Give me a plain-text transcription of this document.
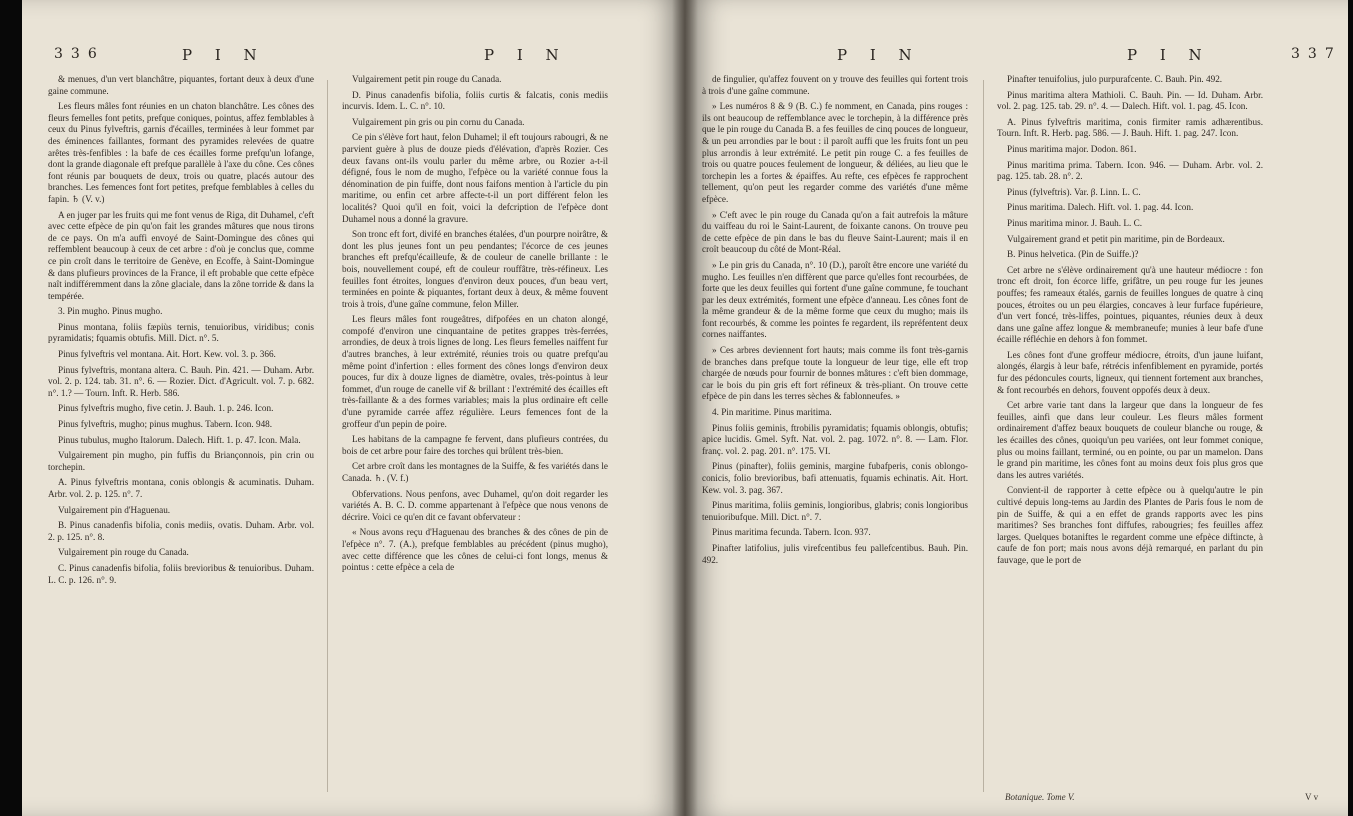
336	P I N	P I N

& menues, d'un vert blanchâtre, piquantes, fortant deux à deux d'une gaine commune.

Les fleurs mâles font réunies en un chaton blanchâtre. Les cônes des fleurs femelles font petits, prefque coniques, pointus, affez femblables à ceux du Pinus fylveftris, garnis d'écailles, terminées à leur fommet par des éminences faillantes, formant des pyramides relevées de quatre arêtes très-fenfibles : la bafe de ces écailles forme prefqu'un lofange, dont la grande diagonale eft prefque parallèle à l'axe du cône. Ces cônes font réunis par bouquets de deux, trois ou quatre, placés autour des branches. Les femences font fort petites, prefque femblables à celles du fapin. ♄ (V. v.)

A en juger par les fruits qui me font venus de Riga, dit Duhamel, c'eft avec cette efpèce de pin qu'on fait les grandes mâtures que nous tirons de ce pays. On m'a auffi envoyé de Saint-Domingue des cônes qui reffemblent beaucoup à ceux de cet arbre : d'où je conclus que, comme ce pin croît dans le territoire de Genève, en Ecoffe, à Saint-Domingue & dans plufieurs provinces de la France, il eft probable que cette efpèce naît indifféremment dans la zône glaciale, dans la zône torride & dans la tempérée.

3. Pin mugho. Pinus mugho.

Pinus montana, foliis fæpiùs ternis, tenuioribus, viridibus; conis pyramidatis; fquamis obtufis. Mill. Dict. n°. 5.

Pinus fylveftris vel montana. Ait. Hort. Kew. vol. 3. p. 366.

Pinus fylveftris, montana altera. C. Bauh. Pin. 421. — Duham. Arbr. vol. 2. p. 124. tab. 31. n°. 6. — Rozier. Dict. d'Agricult. vol. 7. p. 682. n°. 1.? — Tourn. Inft. R. Herb. 586.

Pinus fylveftris mugho, five cetin. J. Bauh. 1. p. 246. Icon.

Pinus fylveftris, mugho; pinus mughus. Tabern. Icon. 948.

Pinus tubulus, mugho Italorum. Dalech. Hift. 1. p. 47. Icon. Mala.

Vulgairement pin mugho, pin fuffis du Briançonnois, pin crin ou torchepin.

A. Pinus fylveftris montana, conis oblongis & acuminatis. Duham. Arbr. vol. 2. p. 125. n°. 7.

Vulgairement pin d'Haguenau.

B. Pinus canadenfis bifolia, conis mediis, ovatis. Duham. Arbr. vol. 2. p. 125. n°. 8.

Vulgairement pin rouge du Canada.

C. Pinus canadenfis bifolia, foliis brevioribus & tenuioribus. Duham. L. C. p. 126. n°. 9.

Vulgairement petit pin rouge du Canada.

D. Pinus canadenfis bifolia, foliis curtis & falcatis, conis mediis incurvis. Idem. L. C. n°. 10.

Vulgairement pin gris ou pin cornu du Canada.

Ce pin s'élève fort haut, felon Duhamel; il eft toujours rabougri, & ne parvient guère à plus de douze pieds d'élévation, d'après Rozier. Ces deux favans ont-ils voulu parler du même arbre, ou Rozier a-t-il défigné, fous le nom de mugho, l'efpèce ou la variété connue fous la dénomination de pin fuiffe, dont nous faifons mention à l'article du pin maritime, ou enfin cet arbre affecte-t-il un port différent felon les localités? Quoi qu'il en foit, voici la defcription de l'efpèce dont Duhamel nous a donné la gravure.

Son tronc eft fort, divifé en branches étalées, d'un pourpre noirâtre, & dont les plus jeunes font un peu pendantes; l'écorce de ces jeunes branches eft prefqu'écailleufe, & de couleur de canelle brillante : le bois, nouvellement coupé, eft de couleur rouffâtre, très-réfineux. Les feuilles font étroites, longues d'environ deux pouces, d'un beau vert, terminées en pointe & piquantes, fortant deux à deux, & même fouvent trois à trois, d'une gaîne commune, felon Miller.

Les fleurs mâles font rougeâtres, difpofées en un chaton alongé, compofé d'environ une cinquantaine de petites grappes très-ferrées, arrondies, de deux à trois lignes de long. Les fleurs femelles naiffent fur d'autres branches, à leur extrémité, réunies trois ou quatre prefqu'au même point d'infertion : elles forment des cônes longs d'environ deux pouces, fur dix à douze lignes de diamètre, ovales, très-pointus à leur fommet, d'un rouge de canelle vif & brillant : l'extrémité des écailles eft très-faillante & a des formes variables; mais la plus ordinaire eft celle d'une pyramide carrée affez régulière. Leurs femences font de la groffeur d'un pepin de poire.

Les habitans de la campagne fe fervent, dans plufieurs contrées, du bois de cet arbre pour faire des torches qui brûlent très-bien.

Cet arbre croît dans les montagnes de la Suiffe, & fes variétés dans le Canada. ♄. (V. f.)

Obfervations. Nous penfons, avec Duhamel, qu'on doit regarder les variétés A. B. C. D. comme appartenant à l'efpèce que nous venons de décrire. Voici ce qu'en dit ce favant obfervateur :

« Nous avons reçu d'Haguenau des branches & des cônes de pin de l'efpèce n°. 7. (A.), prefque femblables au précédent (pinus mugho), avec cette différence que les cônes de celui-ci font longs, menus & pointus : cette efpèce a cela de

P I N	P I N	337

de fingulier, qu'affez fouvent on y trouve des feuilles qui fortent trois à trois d'une gaîne commune.

» Les numéros 8 & 9 (B. C.) fe nomment, en Canada, pins rouges : ils ont beaucoup de reffemblance avec le torchepin, à la différence près que le pin rouge du Canada B. a fes feuilles de cinq pouces de longueur, & un peu arrondies par le bout : il paroît auffi que les fruits font un peu plus arrondis à leur extrémité. Le petit pin rouge C. a fes feuilles de trois ou quatre pouces feulement de longueur, & déliées, au lieu que le torchepin les a fortes & épaiffes. Au refte, ces efpèces fe rapprochent tellement, qu'on peut les regarder comme des variétés d'une même efpèce.

» C'eft avec le pin rouge du Canada qu'on a fait autrefois la mâture du vaiffeau du roi le Saint-Laurent, de foixante canons. On trouve peu de cette efpèce de pin dans le bas du fleuve Saint-Laurent; mais il en croît beaucoup du côté de Mont-Réal.

» Le pin gris du Canada, n°. 10 (D.), paroît être encore une variété du mugho. Les feuilles n'en diffèrent que parce qu'elles font recourbées, de forte que les deux feuilles qui fortent d'une gaîne commune, fe touchant par les deux extrémités, forment une efpèce d'anneau. Les cônes font de la même grandeur & de la même forme que ceux du mugho; mais ils font recourbés, & comme les pointes fe regardent, ils repréfentent deux cornes naiffantes.

» Ces arbres deviennent fort hauts; mais comme ils font très-garnis de branches dans prefque toute la longueur de leur tige, elle eft trop chargée de nœuds pour fournir de bonnes mâtures : c'eft bien dommage, car le bois du pin gris eft fort réfineux & très-pliant. On trouve cette efpèce de pin dans les terres sèches & fablonneufes. »

4. Pin maritime. Pinus maritima.

Pinus foliis geminis, ftrobilis pyramidatis; fquamis oblongis, obtufis; apice lucidis. Gmel. Syft. Nat. vol. 2. pag. 1072. n°. 8. — Lam. Flor. franç. vol. 2. pag. 201. n°. 175. VI.

Pinus (pinafter), foliis geminis, margine fubafperis, conis oblongo-conicis, folio brevioribus, bafi attenuatis, fquamis echinatis. Ait. Hort. Kew. vol. 3. pag. 367.

Pinus maritima, foliis geminis, longioribus, glabris; conis longioribus tenuioribufque. Mill. Dict. n°. 7.

Pinus maritima fecunda. Tabern. Icon. 937.

Pinafter latifolius, julis virefcentibus feu pallefcentibus. Bauh. Pin. 492.

Pinafter tenuifolius, julo purpurafcente. C. Bauh. Pin. 492.

Pinus maritima altera Mathioli. C. Bauh. Pin. — Id. Duham. Arbr. vol. 2. pag. 125. tab. 29. n°. 4. — Dalech. Hift. vol. 1. pag. 45. Icon.

A. Pinus fylveftris maritima, conis firmiter ramis adhærentibus. Tourn. Inft. R. Herb. pag. 586. — J. Bauh. Hift. 1. pag. 247. Icon.

Pinus maritima major. Dodon. 861.

Pinus maritima prima. Tabern. Icon. 946. — Duham. Arbr. vol. 2. pag. 125. tab. 28. n°. 2.

Pinus (fylveftris). Var. β. Linn. L. C.

Pinus maritima. Dalech. Hift. vol. 1. pag. 44. Icon.

Pinus maritima minor. J. Bauh. L. C.

Vulgairement grand et petit pin maritime, pin de Bordeaux.

B. Pinus helvetica. (Pin de Suiffe.)?

Cet arbre ne s'élève ordinairement qu'à une hauteur médiocre : fon tronc eft droit, fon écorce liffe, grifâtre, un peu rouge fur les jeunes pouffes; fes rameaux étalés, garnis de feuilles longues de quatre à cinq pouces, étroites ou un peu élargies, concaves à leur furface fupérieure, d'un vert foncé, très-liffes, pointues, piquantes, réunies deux à deux dans une gaîne affez longue & membraneufe; munies à leur bafe d'une écaille réfléchie en dehors à fon fommet.

Les cônes font d'une groffeur médiocre, étroits, d'un jaune luifant, alongés, élargis à leur bafe, rétrécis infenfiblement en pyramide, portés fur des pédoncules courts, ligneux, qui tiennent fortement aux branches, & font recourbés en dehors, fouvent oppofés deux à deux.

Cet arbre varie tant dans la largeur que dans la longueur de fes feuilles, ainfi que dans leur couleur. Les fleurs mâles forment ordinairement d'affez beaux bouquets de couleur blanche ou rouge, & les écailles des cônes, quoiqu'un peu variées, ont leur fommet conique, plus ou moins faillant, terminé, ou en pointe, ou par un mamelon. Dans le grand pin maritime, les cônes font au moins deux fois plus gros que dans les autres variétés.

Convient-il de rapporter à cette efpèce ou à quelqu'autre le pin cultivé depuis long-tems au Jardin des Plantes de Paris fous le nom de pin de Suiffe, & qui a en effet de grands rapports avec les pins maritimes? Ses branches font diffufes, rabougries; fes feuilles affez larges. Quelques botaniftes le regardent comme une efpèce diftincte, à caufe de fon port; mais nous avons déjà remarqué, en parlant du pin fauvage, que le port de

Botanique. Tome V.	V v
